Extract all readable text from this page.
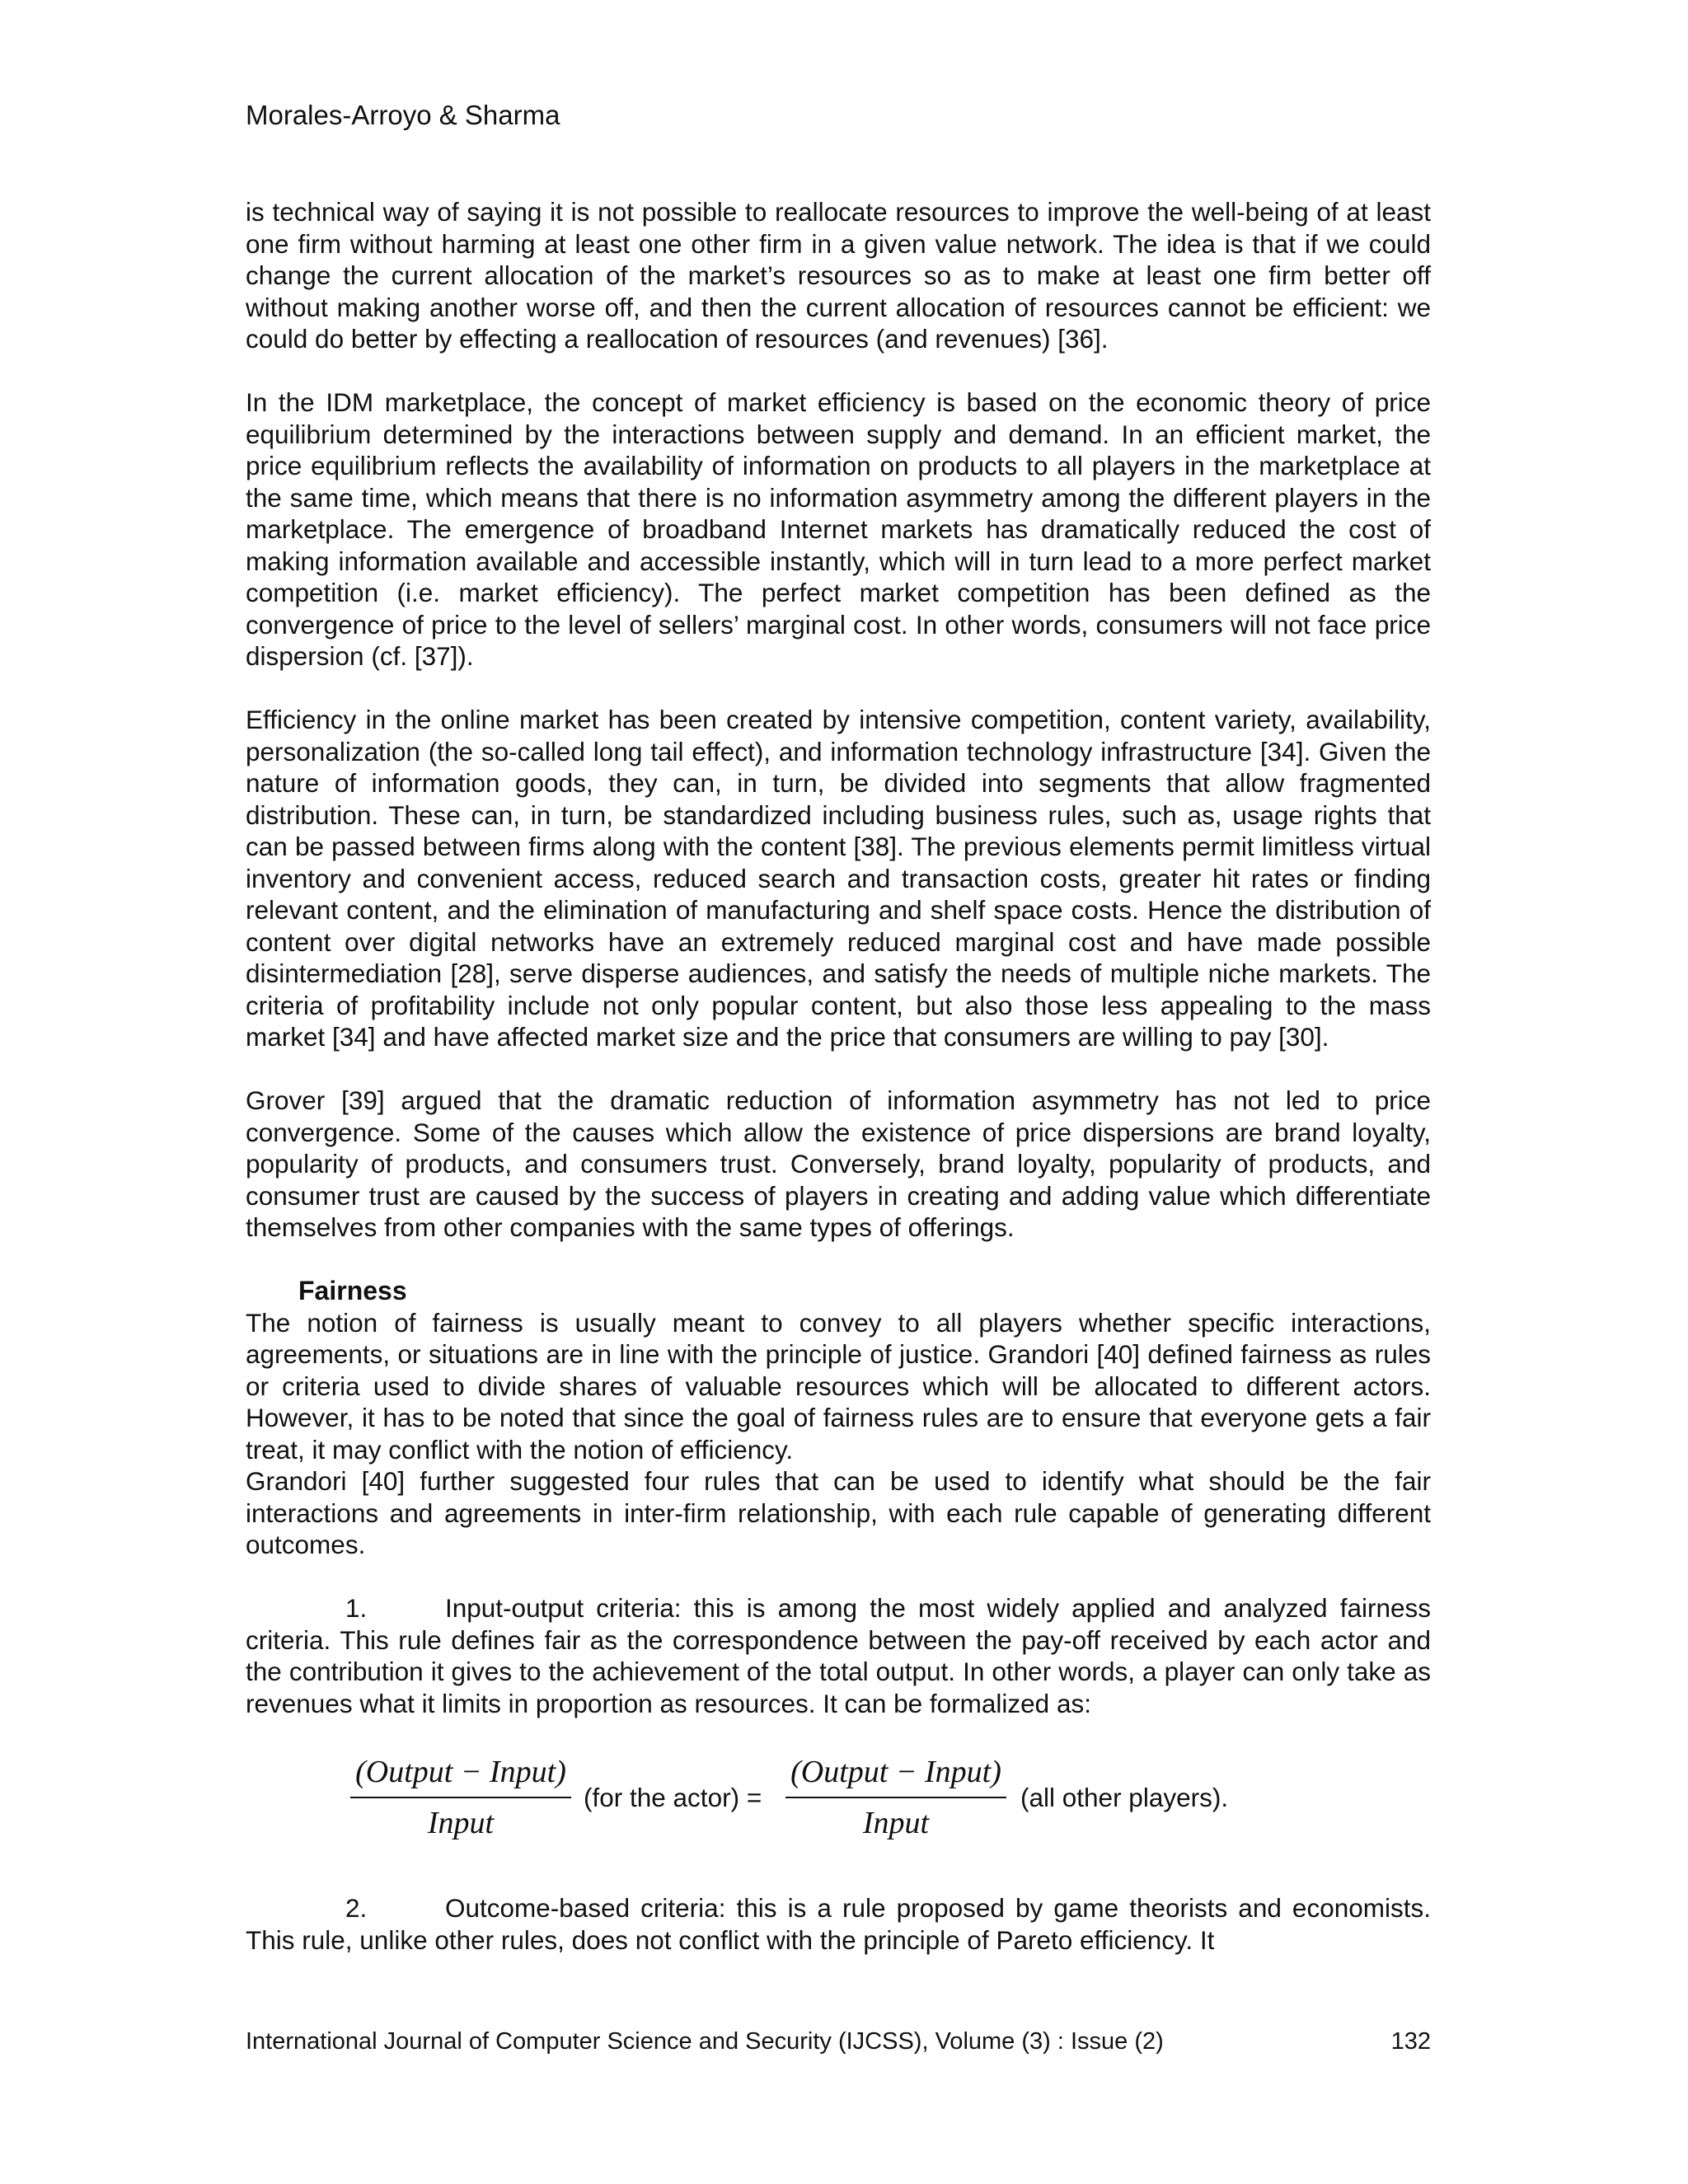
Morales-Arroyo & Sharma

is technical way of saying it is not possible to reallocate resources to improve the well-being of at least one firm without harming at least one other firm in a given value network. The idea is that if we could change the current allocation of the market’s resources so as to make at least one firm better off without making another worse off, and then the current allocation of resources cannot be efficient: we could do better by effecting a reallocation of resources (and revenues) [36].

In the IDM marketplace, the concept of market efficiency is based on the economic theory of price equilibrium determined by the interactions between supply and demand. In an efficient market, the price equilibrium reflects the availability of information on products to all players in the marketplace at the same time, which means that there is no information asymmetry among the different players in the marketplace. The emergence of broadband Internet markets has dramatically reduced the cost of making information available and accessible instantly, which will in turn lead to a more perfect market competition (i.e. market efficiency). The perfect market competition has been defined as the convergence of price to the level of sellers’ marginal cost. In other words, consumers will not face price dispersion (cf. [37]).

Efficiency in the online market has been created by intensive competition, content variety, availability, personalization (the so-called long tail effect), and information technology infrastructure [34]. Given the nature of information goods, they can, in turn, be divided into segments that allow fragmented distribution. These can, in turn, be standardized including business rules, such as, usage rights that can be passed between firms along with the content [38]. The previous elements permit limitless virtual inventory and convenient access, reduced search and transaction costs, greater hit rates or finding relevant content, and the elimination of manufacturing and shelf space costs. Hence the distribution of content over digital networks have an extremely reduced marginal cost and have made possible disintermediation [28], serve disperse audiences, and satisfy the needs of multiple niche markets. The criteria of profitability include not only popular content, but also those less appealing to the mass market [34] and have affected market size and the price that consumers are willing to pay [30].

Grover [39] argued that the dramatic reduction of information asymmetry has not led to price convergence. Some of the causes which allow the existence of price dispersions are brand loyalty, popularity of products, and consumers trust. Conversely, brand loyalty, popularity of products, and consumer trust are caused by the success of players in creating and adding value which differentiate themselves from other companies with the same types of offerings.

Fairness

The notion of fairness is usually meant to convey to all players whether specific interactions, agreements, or situations are in line with the principle of justice. Grandori [40] defined fairness as rules or criteria used to divide shares of valuable resources which will be allocated to different actors. However, it has to be noted that since the goal of fairness rules are to ensure that everyone gets a fair treat, it may conflict with the notion of efficiency.

Grandori [40] further suggested four rules that can be used to identify what should be the fair interactions and agreements in inter-firm relationship, with each rule capable of generating different outcomes.

1.	Input-output criteria: this is among the most widely applied and analyzed fairness criteria. This rule defines fair as the correspondence between the pay-off received by each actor and the contribution it gives to the achievement of the total output. In other words, a player can only take as revenues what it limits in proportion as resources. It can be formalized as:

(Output − Input)
Input
(for the actor) =
(Output − Input)
Input
(all other players).

2.	Outcome-based criteria: this is a rule proposed by game theorists and economists. This rule, unlike other rules, does not conflict with the principle of Pareto efficiency. It

International Journal of Computer Science and Security (IJCSS), Volume (3) : Issue (2)	132
